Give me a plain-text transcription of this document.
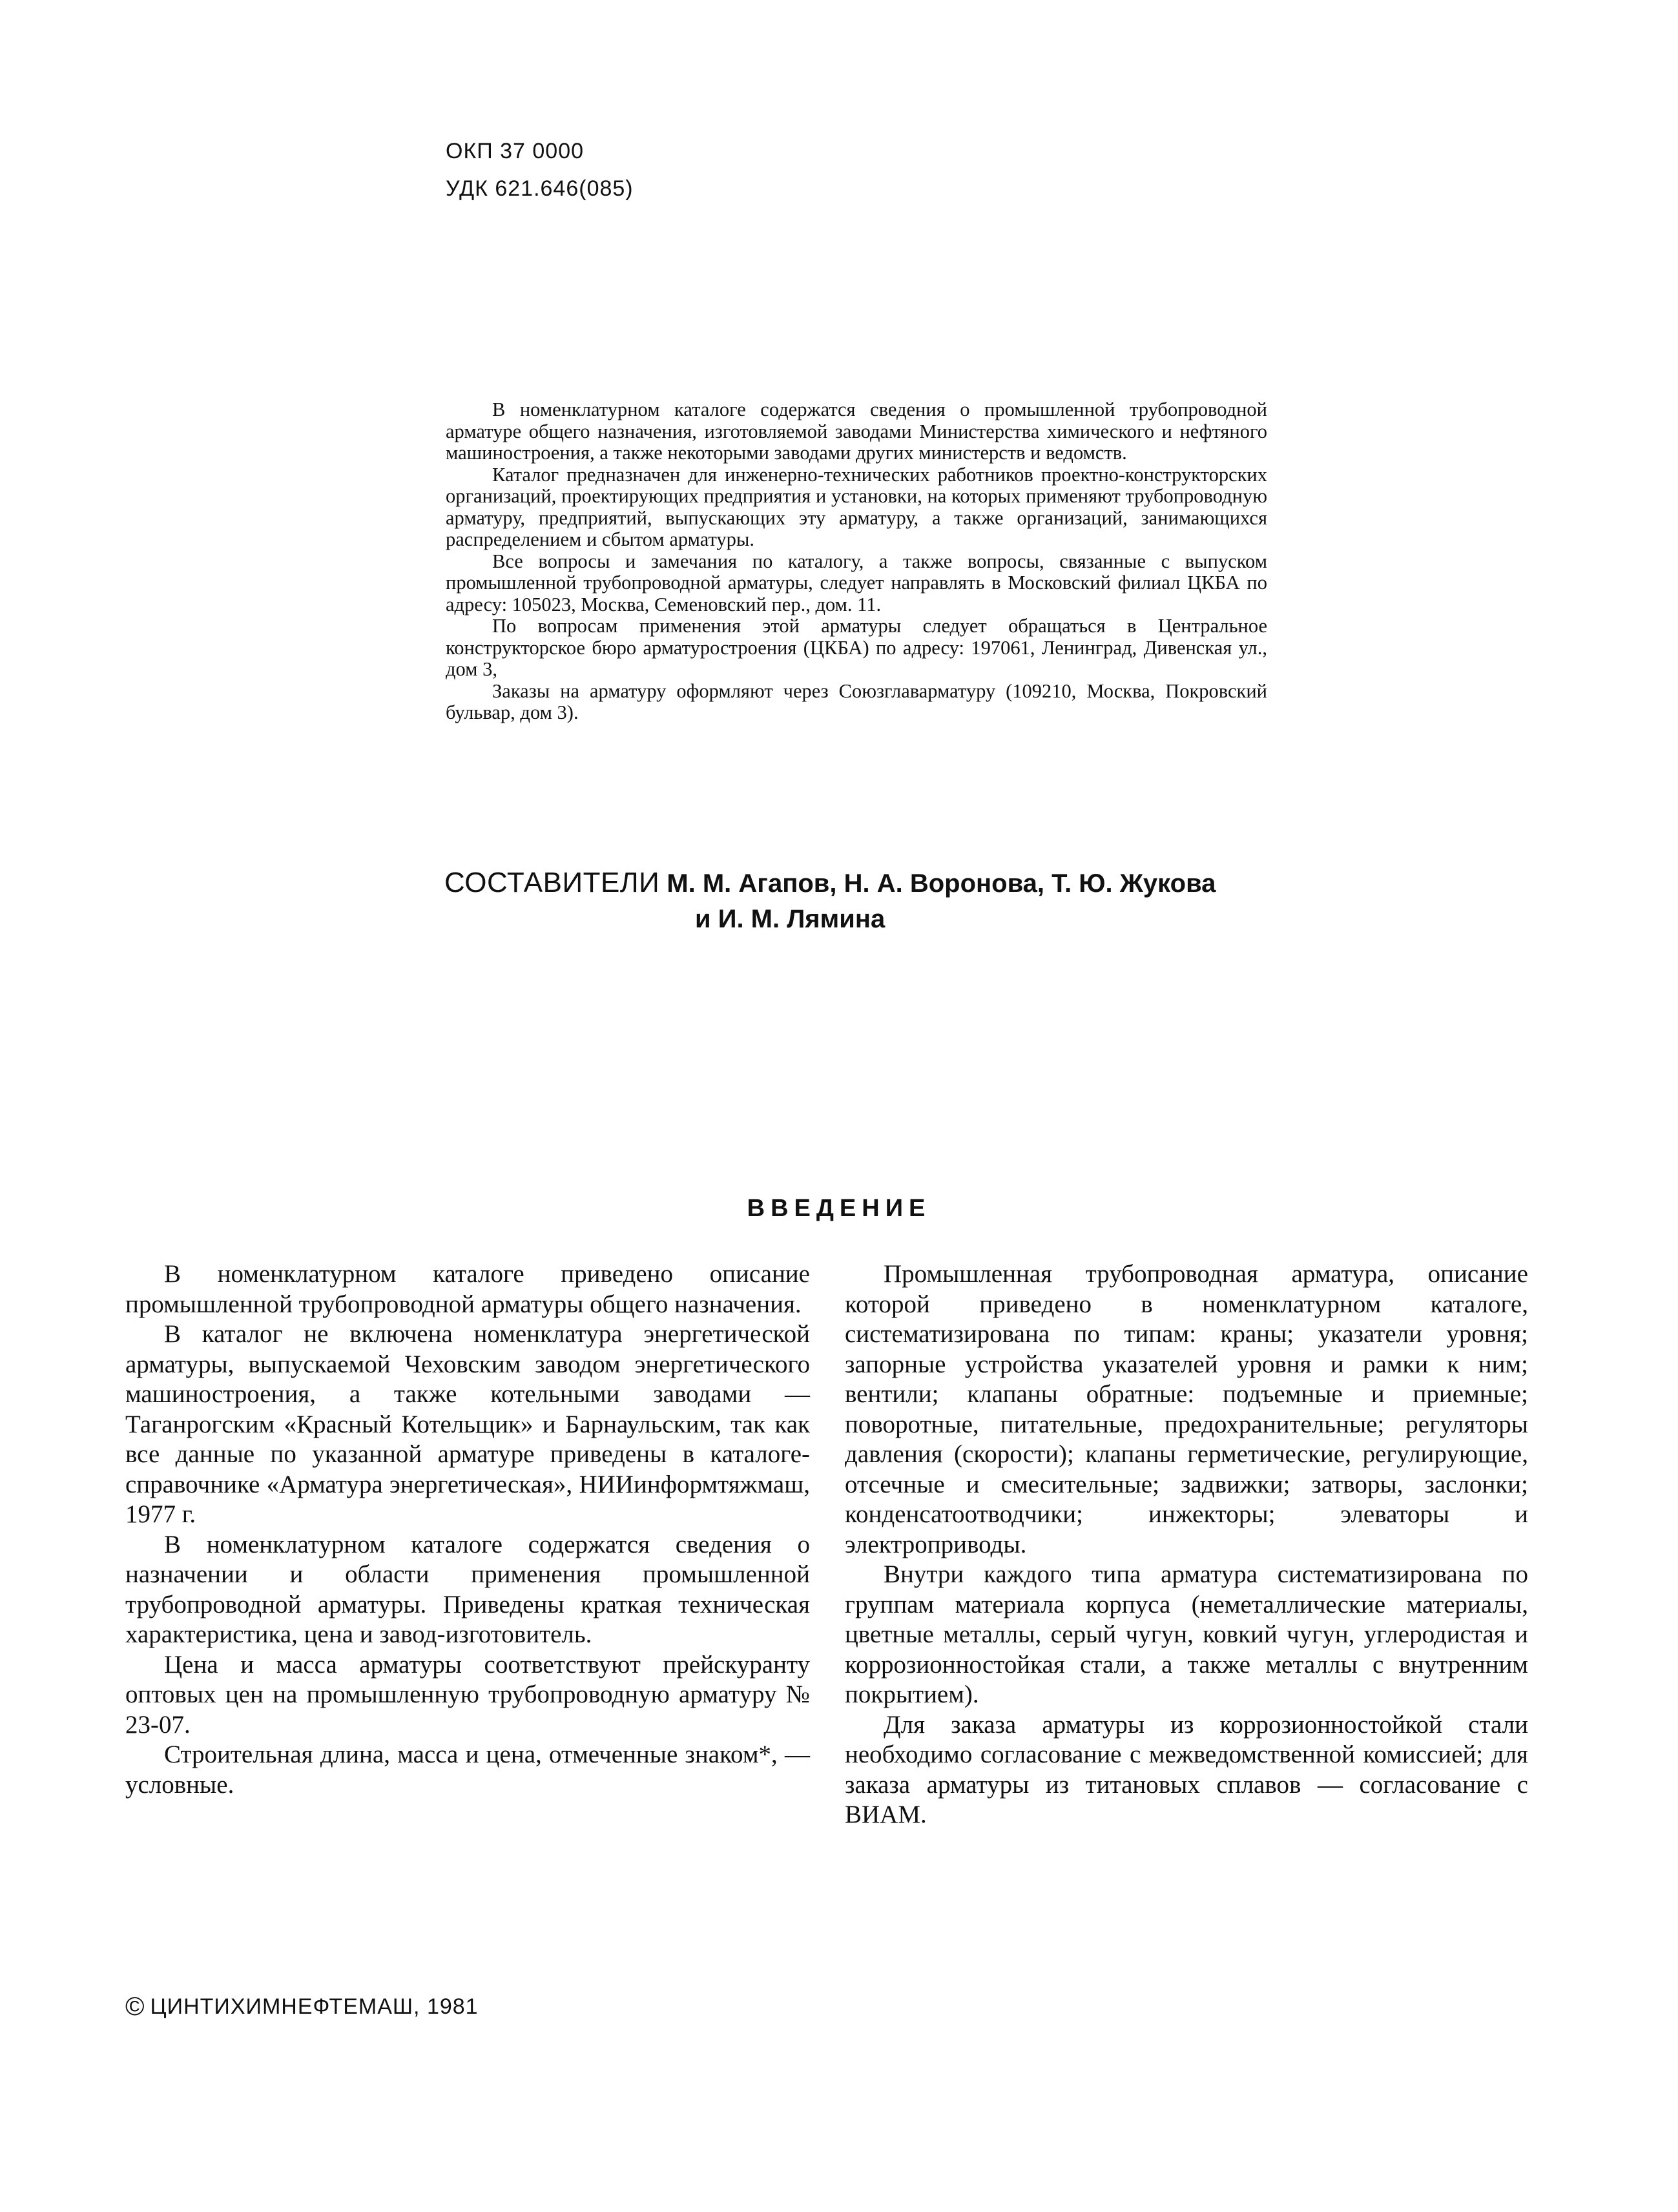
ОКП 37 0000
УДК 621.646(085)

В номенклатурном каталоге содержатся сведения о промышленной трубопроводной арматуре общего назначения, изготовляемой заводами Министерства химического и нефтяного машиностроения, а также некоторыми заводами других министерств и ведомств.

Каталог предназначен для инженерно-технических работников проектно-конструкторских организаций, проектирующих предприятия и установки, на которых применяют трубопроводную арматуру, предприятий, выпускающих эту арматуру, а также организаций, занимающихся распределением и сбытом арматуры.

Все вопросы и замечания по каталогу, а также вопросы, связанные с выпуском промышленной трубопроводной арматуры, следует направлять в Московский филиал ЦКБА по адресу: 105023, Москва, Семеновский пер., дом. 11.

По вопросам применения этой арматуры следует обращаться в Центральное конструкторское бюро арматуростроения (ЦКБА) по адресу: 197061, Ленинград, Дивенская ул., дом 3,

Заказы на арматуру оформляют через Союзглаварматуру (109210, Москва, Покровский бульвар, дом 3).

СОСТАВИТЕЛИ М. М. Агапов, Н. А. Воронова, Т. Ю. Жукова
и И. М. Лямина
ВВЕДЕНИЕ

В номенклатурном каталоге приведено описание промышленной трубопроводной арматуры общего назначения.

В каталог не включена номенклатура энергетической арматуры, выпускаемой Чеховским заводом энергетического машиностроения, а также котельными заводами — Таганрогским «Красный Котельщик» и Барнаульским, так как все данные по указанной арматуре приведены в каталоге-справочнике «Арматура энергетическая», НИИинформтяжмаш, 1977 г.

В номенклатурном каталоге содержатся сведения о назначении и области применения промышленной трубопроводной арматуры. Приведены краткая техническая характеристика, цена и завод-изготовитель.

Цена и масса арматуры соответствуют прейскуранту оптовых цен на промышленную трубопроводную арматуру № 23-07.

Строительная длина, масса и цена, отмеченные знаком*, — условные.

Промышленная трубопроводная арматура, описание которой приведено в номенклатурном каталоге, систематизирована по типам: краны; указатели уровня; запорные устройства указателей уровня и рамки к ним; вентили; клапаны обратные: подъемные и приемные; поворотные, питательные, предохранительные; регуляторы давления (скорости); клапаны герметические, регулирующие, отсечные и смесительные; задвижки; затворы, заслонки; конденсатоотводчики; инжекторы; элеваторы и электроприводы.

Внутри каждого типа арматура систематизирована по группам материала корпуса (неметаллические материалы, цветные металлы, серый чугун, ковкий чугун, углеродистая и коррозионностойкая стали, а также металлы с внутренним покрытием).

Для заказа арматуры из коррозионностойкой стали необходимо согласование с межведомственной комиссией; для заказа арматуры из титановых сплавов — согласование с ВИАМ.

© ЦИНТИХИМНЕФТЕМАШ, 1981
